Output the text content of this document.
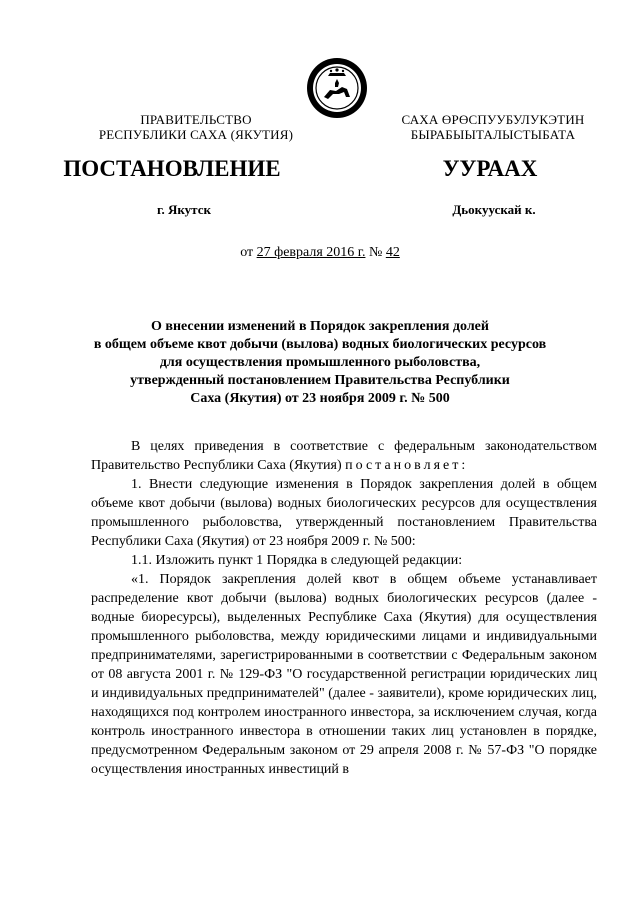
ПРАВИТЕЛЬСТВО
РЕСПУБЛИКИ САХА (ЯКУТИЯ)
САХА ӨРӨСПУУБУЛУКЭТИН
БЫРАБЫЫТАЛЫСТЫБАТА
ПОСТАНОВЛЕНИЕ	УУРААХ
г. Якутск	Дьокуускай к.
от 27 февраля 2016 г. № 42
О внесении изменений в Порядок закрепления долей
в общем объеме квот добычи (вылова) водных биологических ресурсов
для осуществления промышленного рыболовства,
утвержденный постановлением Правительства Республики
Саха (Якутия) от 23 ноября 2009 г. № 500

В целях приведения в соответствие с федеральным законодательством Правительство Республики Саха (Якутия) постановляет:

1. Внести следующие изменения в Порядок закрепления долей в общем объеме квот добычи (вылова) водных биологических ресурсов для осуществления промышленного рыболовства, утвержденный постановлением Правительства Республики Саха (Якутия) от 23 ноября 2009 г. № 500:

1.1. Изложить пункт 1 Порядка в следующей редакции:

«1. Порядок закрепления долей квот в общем объеме устанавливает распределение квот добычи (вылова) водных биологических ресурсов (далее - водные биоресурсы), выделенных Республике Саха (Якутия) для осуществления промышленного рыболовства, между юридическими лицами и индивидуальными предпринимателями, зарегистрированными в соответствии с Федеральным законом от 08 августа 2001 г. № 129-ФЗ "О государственной регистрации юридических лиц и индивидуальных предпринимателей" (далее - заявители), кроме юридических лиц, находящихся под контролем иностранного инвестора, за исключением случая, когда контроль иностранного инвестора в отношении таких лиц установлен в порядке, предусмотренном Федеральным законом от 29 апреля 2008 г. № 57-ФЗ "О порядке осуществления иностранных инвестиций в
